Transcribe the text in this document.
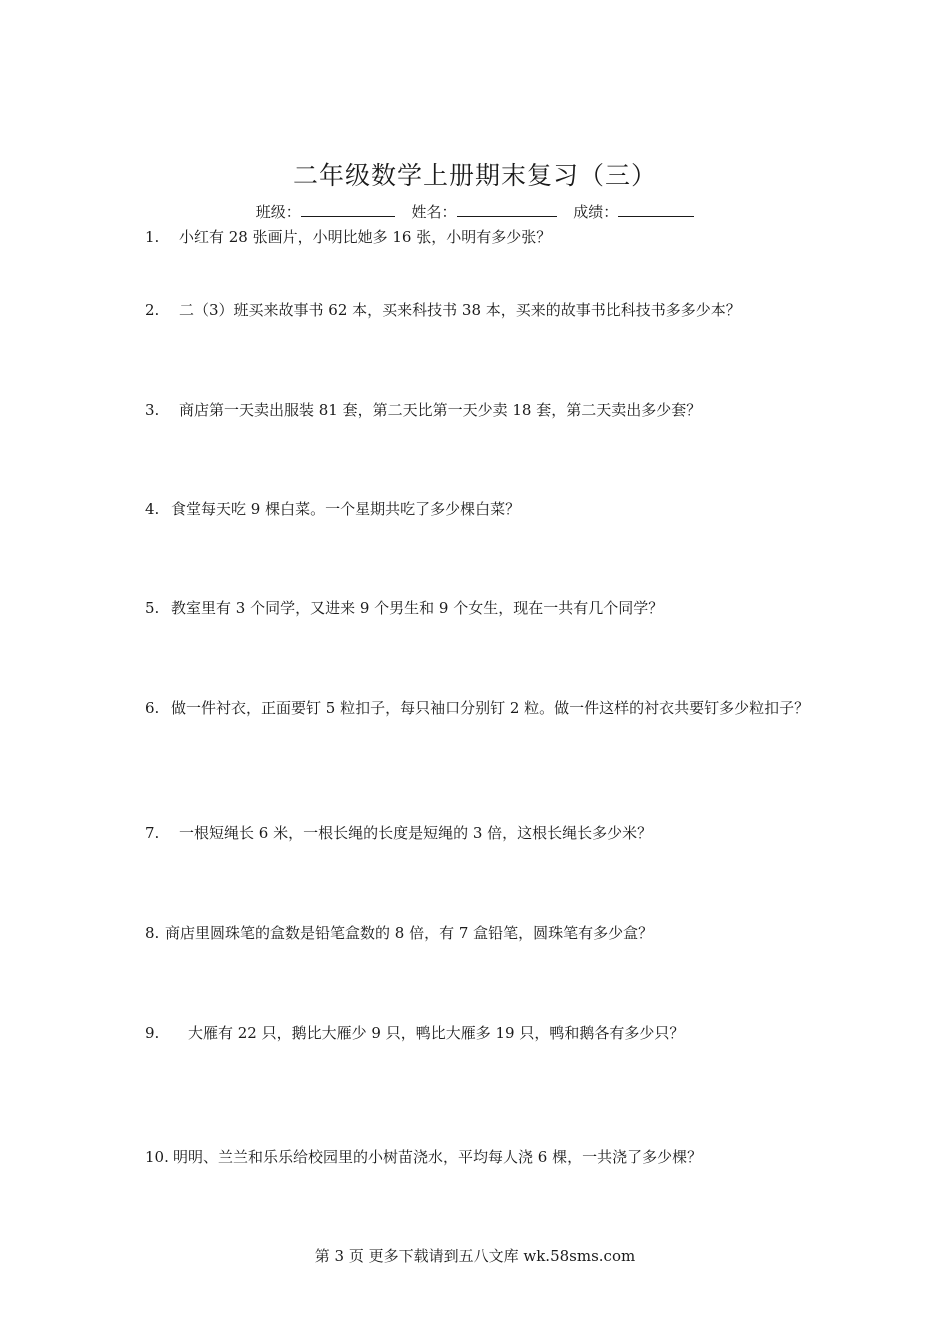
二年级数学上册期末复习（三）
班级：	姓名：	成绩：
1. 小红有 28 张画片，小明比她多 16 张，小明有多少张？
2. 二（3）班买来故事书 62 本，买来科技书 38 本，买来的故事书比科技书多多少本？
3. 商店第一天卖出服装 81 套，第二天比第一天少卖 18 套，第二天卖出多少套？
4. 食堂每天吃 9 棵白菜。一个星期共吃了多少棵白菜？
5. 教室里有 3 个同学，又进来 9 个男生和 9 个女生，现在一共有几个同学？
6. 做一件衬衣，正面要钉 5 粒扣子，每只袖口分别钉 2 粒。做一件这样的衬衣共要钉多少粒扣子？
7. 一根短绳长 6 米，一根长绳的长度是短绳的 3 倍，这根长绳长多少米？
8. 商店里圆珠笔的盒数是铅笔盒数的 8 倍，有 7 盒铅笔，圆珠笔有多少盒？
9. 大雁有 22 只，鹅比大雁少 9 只，鸭比大雁多 19 只，鸭和鹅各有多少只？
10. 明明、兰兰和乐乐给校园里的小树苗浇水，平均每人浇 6 棵，一共浇了多少棵？
第 3 页 更多下载请到五八文库 wk.58sms.com
